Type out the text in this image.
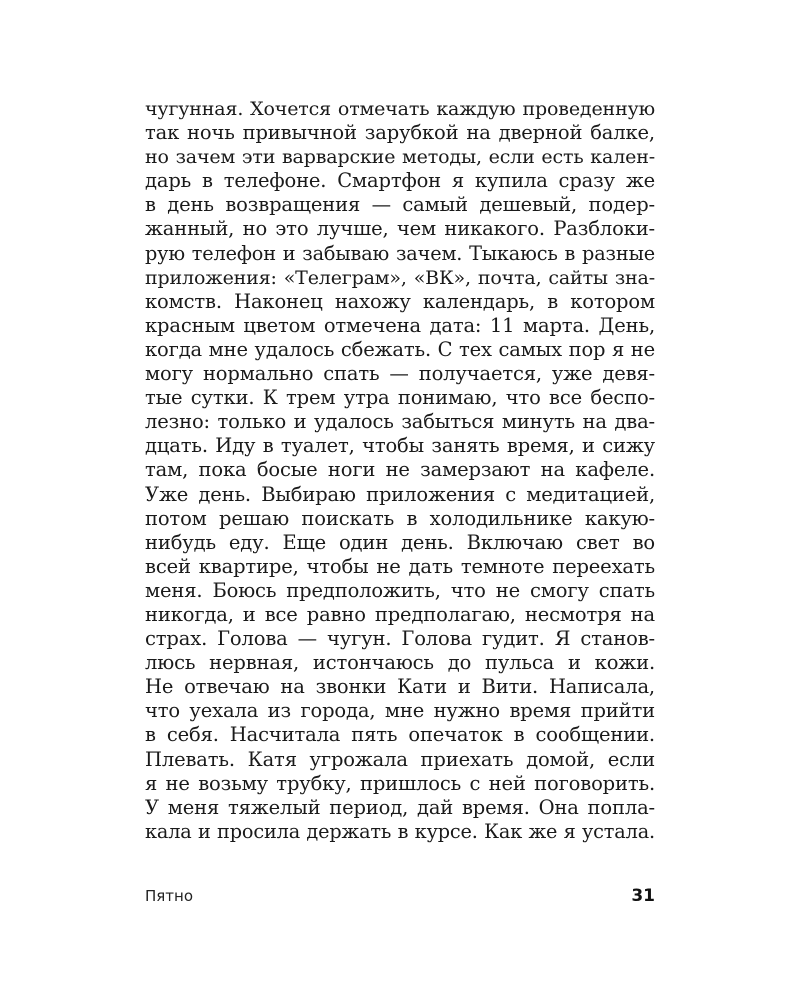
чугунная. Хочется отмечать каждую проведенную
так ночь привычной зарубкой на дверной балке,
но зачем эти варварские методы, если есть кален-
дарь в телефоне. Смартфон я купила сразу же
в день возвращения — самый дешевый, подер-
жанный, но это лучше, чем никакого. Разблоки-
рую телефон и забываю зачем. Тыкаюсь в разные
приложения: «Телеграм», «ВК», почта, сайты зна-
комств. Наконец нахожу календарь, в котором
красным цветом отмечена дата: 11 марта. День,
когда мне удалось сбежать. С тех самых пор я не
могу нормально спать — получается, уже девя-
тые сутки. К трем утра понимаю, что все беспо-
лезно: только и удалось забыться минуть на два-
дцать. Иду в туалет, чтобы занять время, и сижу
там, пока босые ноги не замерзают на кафеле.
Уже день. Выбираю приложения с медитацией,
потом решаю поискать в холодильнике какую-
нибудь еду. Еще один день. Включаю свет во
всей квартире, чтобы не дать темноте переехать
меня. Боюсь предположить, что не смогу спать
никогда, и все равно предполагаю, несмотря на
страх. Голова — чугун. Голова гудит. Я станов-
люсь нервная, истончаюсь до пульса и кожи.
Не отвечаю на звонки Кати и Вити. Написала,
что уехала из города, мне нужно время прийти
в себя. Насчитала пять опечаток в сообщении.
Плевать. Катя угрожала приехать домой, если
я не возьму трубку, пришлось с ней поговорить.
У меня тяжелый период, дай время. Она попла-
кала и просила держать в курсе. Как же я устала.
Пятно	31
